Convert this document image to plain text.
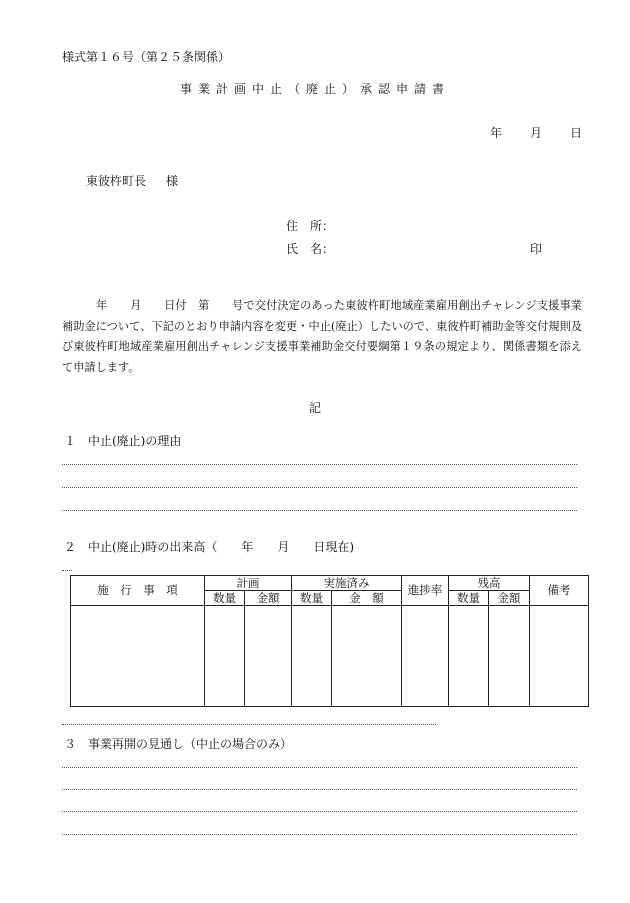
様式第１６号（第２５条関係）
事業計画中止（廃止）承認申請書
年 月 日
東彼杵町長 様
住　所：
氏　名：	印
年　　月　　日付　第　　号で交付決定のあった東彼杵町地域産業雇用創出チャレンジ支援事業補助金について、下記のとおり申請内容を変更・中止(廃止）したいので、東彼杵町補助金等交付規則及び東彼杵町地域産業雇用創出チャレンジ支援事業補助金交付要綱第１９条の規定より、関係書類を添えて申請します。
記
１　中止(廃止)の理由
２　中止(廃止)時の出来高（　　年　　月　　日現在)
施　行　事　項	計画		実施済み		進捗率	残高		備考
	数量	金額	数量	金　額		数量	金額	

３　事業再開の見通し（中止の場合のみ）
